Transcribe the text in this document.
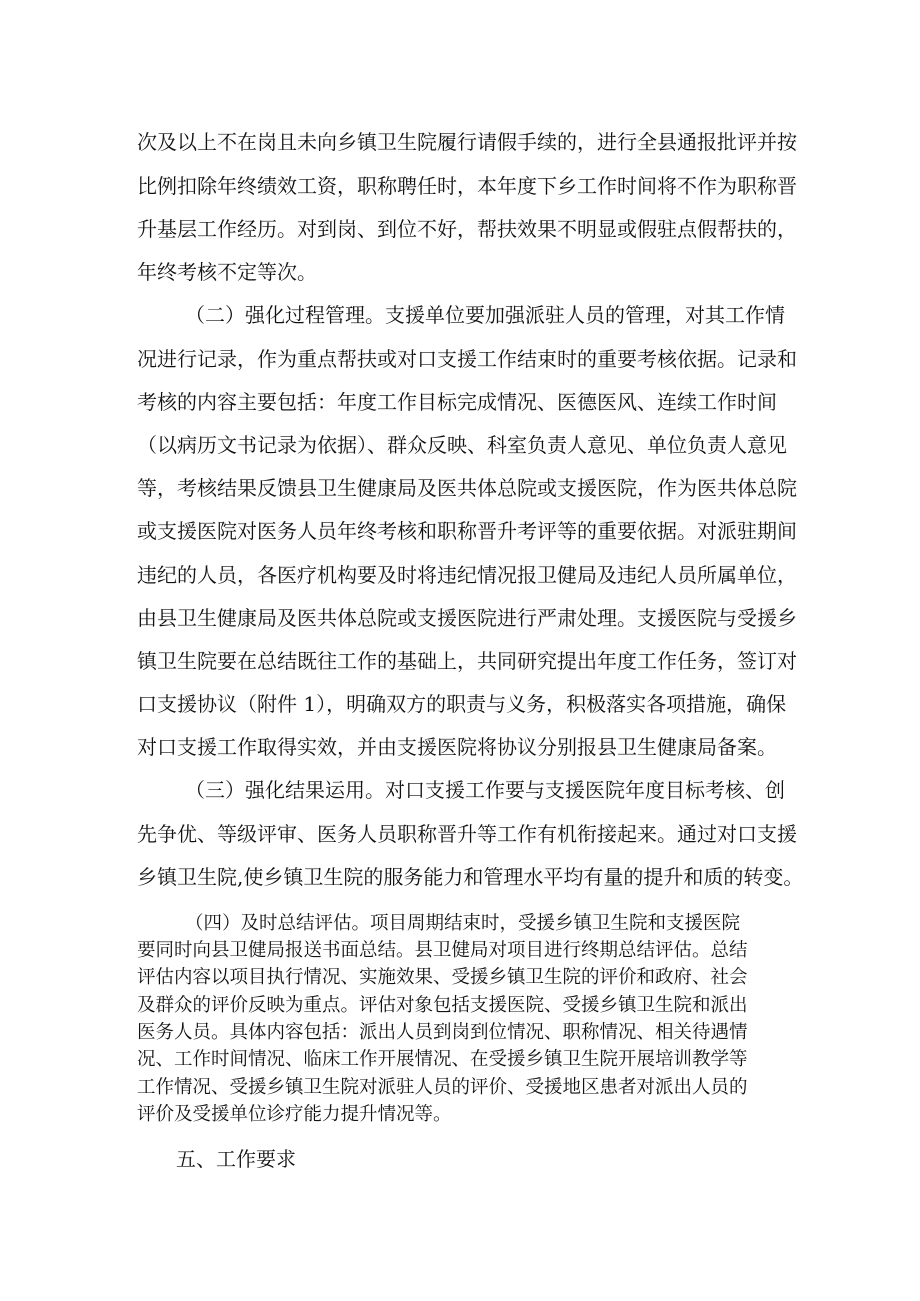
次及以上不在岗且未向乡镇卫生院履行请假手续的，进行全县通报批评并按
比例扣除年终绩效工资，职称聘任时，本年度下乡工作时间将不作为职称晋
升基层工作经历。对到岗、到位不好，帮扶效果不明显或假驻点假帮扶的，
年终考核不定等次。
（二）强化过程管理。支援单位要加强派驻人员的管理，对其工作情
况进行记录，作为重点帮扶或对口支援工作结束时的重要考核依据。记录和
考核的内容主要包括：年度工作目标完成情况、医德医风、连续工作时间
（以病历文书记录为依据）、群众反映、科室负责人意见、单位负责人意见
等，考核结果反馈县卫生健康局及医共体总院或支援医院，作为医共体总院
或支援医院对医务人员年终考核和职称晋升考评等的重要依据。对派驻期间
违纪的人员，各医疗机构要及时将违纪情况报卫健局及违纪人员所属单位，
由县卫生健康局及医共体总院或支援医院进行严肃处理。支援医院与受援乡
镇卫生院要在总结既往工作的基础上，共同研究提出年度工作任务，签订对
口支援协议（附件 1），明确双方的职责与义务，积极落实各项措施，确保
对口支援工作取得实效，并由支援医院将协议分别报县卫生健康局备案。
（三）强化结果运用。对口支援工作要与支援医院年度目标考核、创
先争优、等级评审、医务人员职称晋升等工作有机衔接起来。通过对口支援
乡镇卫生院,使乡镇卫生院的服务能力和管理水平均有量的提升和质的转变。
（四）及时总结评估。项目周期结束时，受援乡镇卫生院和支援医院
要同时向县卫健局报送书面总结。县卫健局对项目进行终期总结评估。总结
评估内容以项目执行情况、实施效果、受援乡镇卫生院的评价和政府、社会
及群众的评价反映为重点。评估对象包括支援医院、受援乡镇卫生院和派出
医务人员。具体内容包括：派出人员到岗到位情况、职称情况、相关待遇情
况、工作时间情况、临床工作开展情况、在受援乡镇卫生院开展培训教学等
工作情况、受援乡镇卫生院对派驻人员的评价、受援地区患者对派出人员的
评价及受援单位诊疗能力提升情况等。
五、工作要求
